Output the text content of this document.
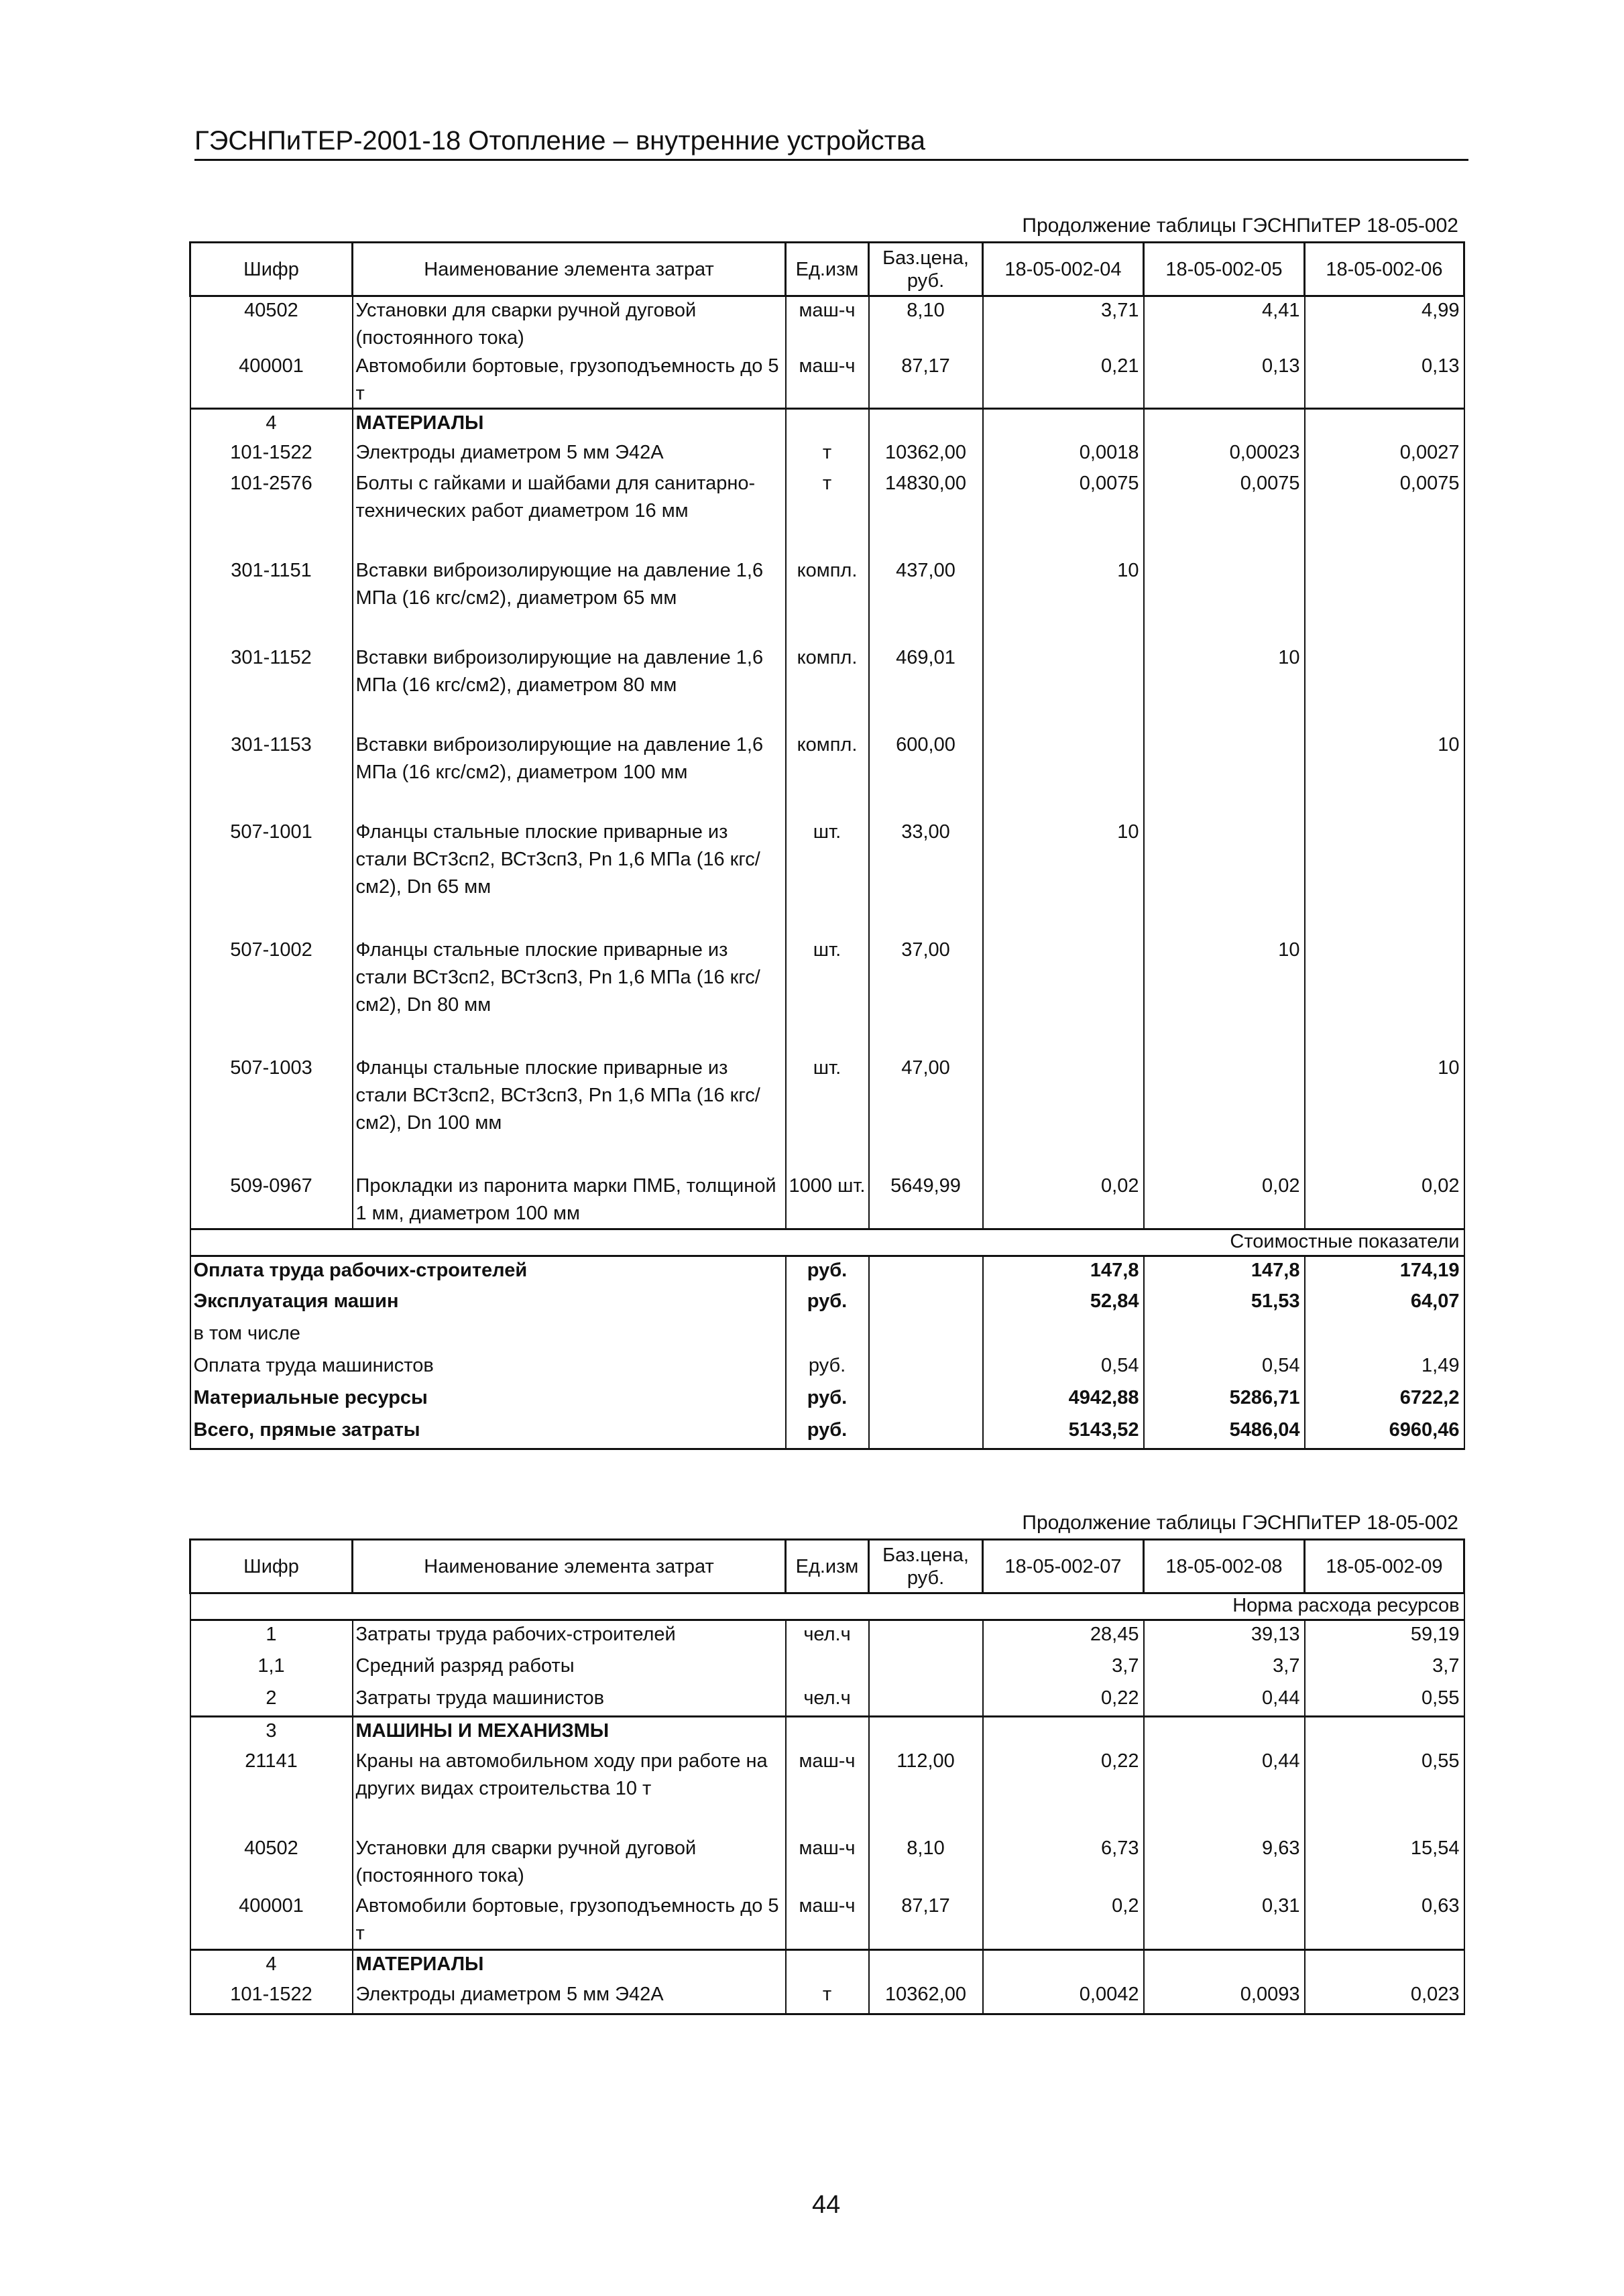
ГЭСНПиТЕР-2001-18 Отопление – внутренние устройства
Продолжение таблицы ГЭСНПиТЕР 18-05-002
Шифр	Наименование элемента затрат	Ед.изм	Баз.цена, руб.	18-05-002-04	18-05-002-05	18-05-002-06
40502	Установки для сварки ручной дуговой (постоянного тока)	маш-ч	8,10	3,71	4,41	4,99
400001	Автомобили бортовые, грузоподъемность до 5 т	маш-ч	87,17	0,21	0,13	0,13
4	МАТЕРИАЛЫ					
101-1522	Электроды диаметром 5 мм Э42А	т	10362,00	0,0018	0,00023	0,0027
101-2576	Болты с гайками и шайбами для санитарно-технических работ диаметром 16 мм	т	14830,00	0,0075	0,0075	0,0075
301-1151	Вставки виброизолирующие на давление 1,6 МПа (16 кгс/см2), диаметром 65 мм	компл.	437,00	10		
301-1152	Вставки виброизолирующие на давление 1,6 МПа (16 кгс/см2), диаметром 80 мм	компл.	469,01		10	
301-1153	Вставки виброизолирующие на давление 1,6 МПа (16 кгс/см2), диаметром 100 мм	компл.	600,00			10
507-1001	Фланцы стальные плоские приварные из стали ВСт3сп2, ВСт3сп3, Рn 1,6 МПа (16 кгс/см2), Dn 65 мм	шт.	33,00	10		
507-1002	Фланцы стальные плоские приварные из стали ВСт3сп2, ВСт3сп3, Рn 1,6 МПа (16 кгс/см2), Dn 80 мм	шт.	37,00		10	
507-1003	Фланцы стальные плоские приварные из стали ВСт3сп2, ВСт3сп3, Рn 1,6 МПа (16 кгс/см2), Dn 100 мм	шт.	47,00			10
509-0967	Прокладки из паронита марки ПМБ, толщиной 1 мм, диаметром 100 мм	1000 шт.	5649,99	0,02	0,02	0,02
Стоимостные показатели						
Оплата труда рабочих-строителей		руб.		147,8	147,8	174,19
Эксплуатация машин		руб.		52,84	51,53	64,07
в том числе						
Оплата труда машинистов		руб.		0,54	0,54	1,49
Материальные ресурсы		руб.		4942,88	5286,71	6722,2
Всего, прямые затраты		руб.		5143,52	5486,04	6960,46
Продолжение таблицы ГЭСНПиТЕР 18-05-002
Шифр	Наименование элемента затрат	Ед.изм	Баз.цена, руб.	18-05-002-07	18-05-002-08	18-05-002-09
Норма расхода ресурсов						
1	Затраты труда рабочих-строителей	чел.ч		28,45	39,13	59,19
1,1	Средний разряд работы			3,7	3,7	3,7
2	Затраты труда машинистов	чел.ч		0,22	0,44	0,55
3	МАШИНЫ И МЕХАНИЗМЫ					
21141	Краны на автомобильном ходу при работе на других видах строительства 10 т	маш-ч	112,00	0,22	0,44	0,55
40502	Установки для сварки ручной дуговой (постоянного тока)	маш-ч	8,10	6,73	9,63	15,54
400001	Автомобили бортовые, грузоподъемность до 5 т	маш-ч	87,17	0,2	0,31	0,63
4	МАТЕРИАЛЫ					
101-1522	Электроды диаметром 5 мм Э42А	т	10362,00	0,0042	0,0093	0,023
44
